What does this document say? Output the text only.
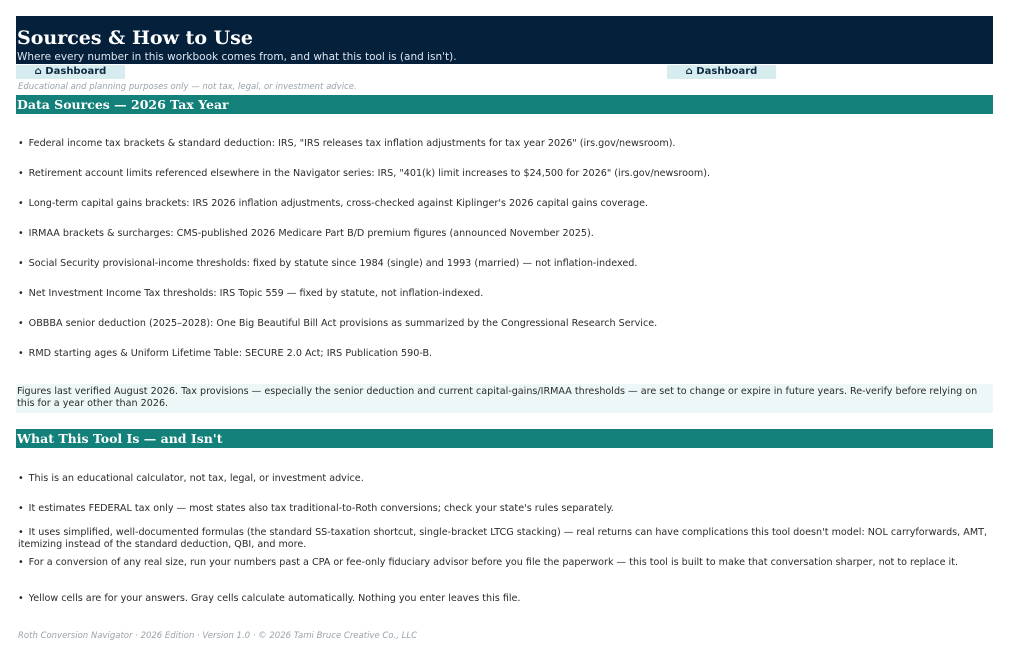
Sources & How to Use
Where every number in this workbook comes from, and what this tool is (and isn't).
⌂ Dashboard	⌂ Dashboard
Educational and planning purposes only — not tax, legal, or investment advice.
Data Sources — 2026 Tax Year
• Federal income tax brackets & standard deduction: IRS, "IRS releases tax inflation adjustments for tax year 2026" (irs.gov/newsroom).
• Retirement account limits referenced elsewhere in the Navigator series: IRS, "401(k) limit increases to $24,500 for 2026" (irs.gov/newsroom).
• Long-term capital gains brackets: IRS 2026 inflation adjustments, cross-checked against Kiplinger's 2026 capital gains coverage.
• IRMAA brackets & surcharges: CMS-published 2026 Medicare Part B/D premium figures (announced November 2025).
• Social Security provisional-income thresholds: fixed by statute since 1984 (single) and 1993 (married) — not inflation-indexed.
• Net Investment Income Tax thresholds: IRS Topic 559 — fixed by statute, not inflation-indexed.
• OBBBA senior deduction (2025–2028): One Big Beautiful Bill Act provisions as summarized by the Congressional Research Service.
• RMD starting ages & Uniform Lifetime Table: SECURE 2.0 Act; IRS Publication 590-B.
Figures last verified August 2026. Tax provisions — especially the senior deduction and current capital-gains/IRMAA thresholds — are set to change or expire in future years. Re-verify before relying on this for a year other than 2026.
What This Tool Is — and Isn't
• This is an educational calculator, not tax, legal, or investment advice.
• It estimates FEDERAL tax only — most states also tax traditional-to-Roth conversions; check your state's rules separately.
• It uses simplified, well-documented formulas (the standard SS-taxation shortcut, single-bracket LTCG stacking) — real returns can have complications this tool doesn't model: NOL carryforwards, AMT, itemizing instead of the standard deduction, QBI, and more.
• For a conversion of any real size, run your numbers past a CPA or fee-only fiduciary advisor before you file the paperwork — this tool is built to make that conversation sharper, not to replace it.
• Yellow cells are for your answers. Gray cells calculate automatically. Nothing you enter leaves this file.
Roth Conversion Navigator · 2026 Edition · Version 1.0 · © 2026 Tami Bruce Creative Co., LLC
